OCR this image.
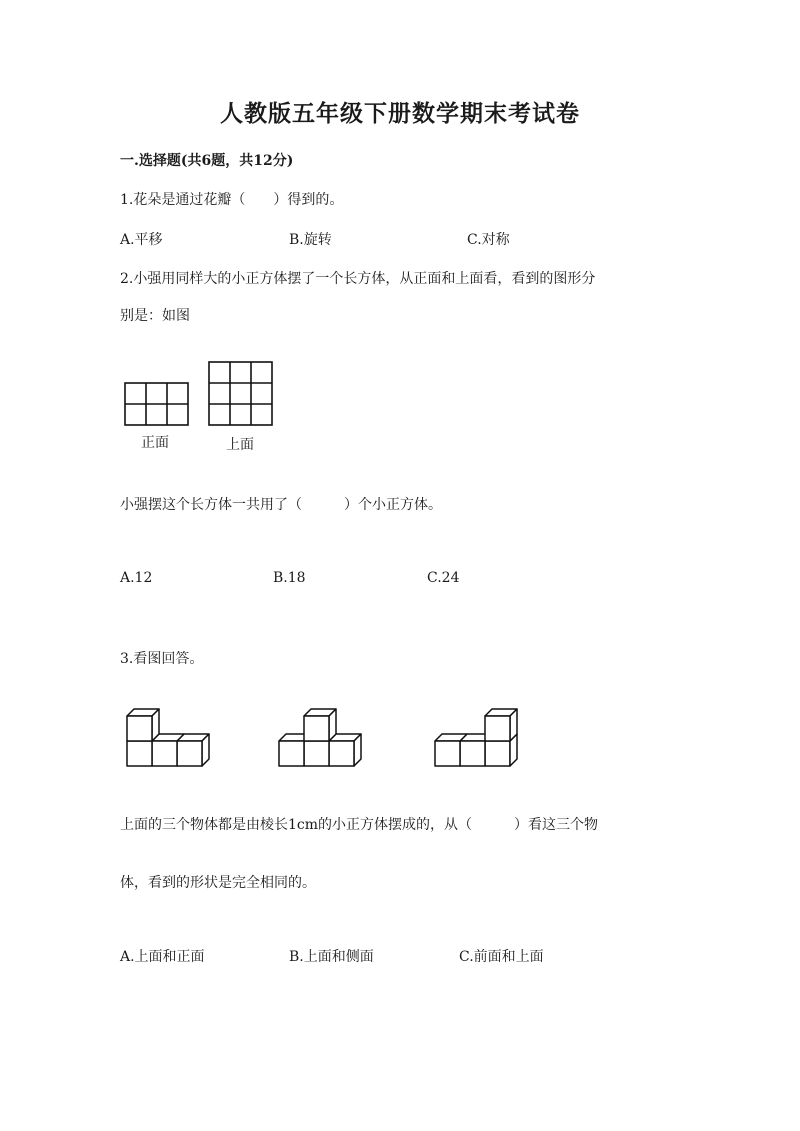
人教版五年级下册数学期末考试卷
一.选择题(共6题，共12分)
1.花朵是通过花瓣（　　）得到的。
A.平移	B.旋转	C.对称
2.小强用同样大的小正方体摆了一个长方体，从正面和上面看，看到的图形分
别是：如图
正面	上面
小强摆这个长方体一共用了（　　　）个小正方体。
A.12	B.18	C.24
3.看图回答。
上面的三个物体都是由棱长1cm的小正方体摆成的，从（　　　）看这三个物
体，看到的形状是完全相同的。
A.上面和正面	B.上面和侧面	C.前面和上面
